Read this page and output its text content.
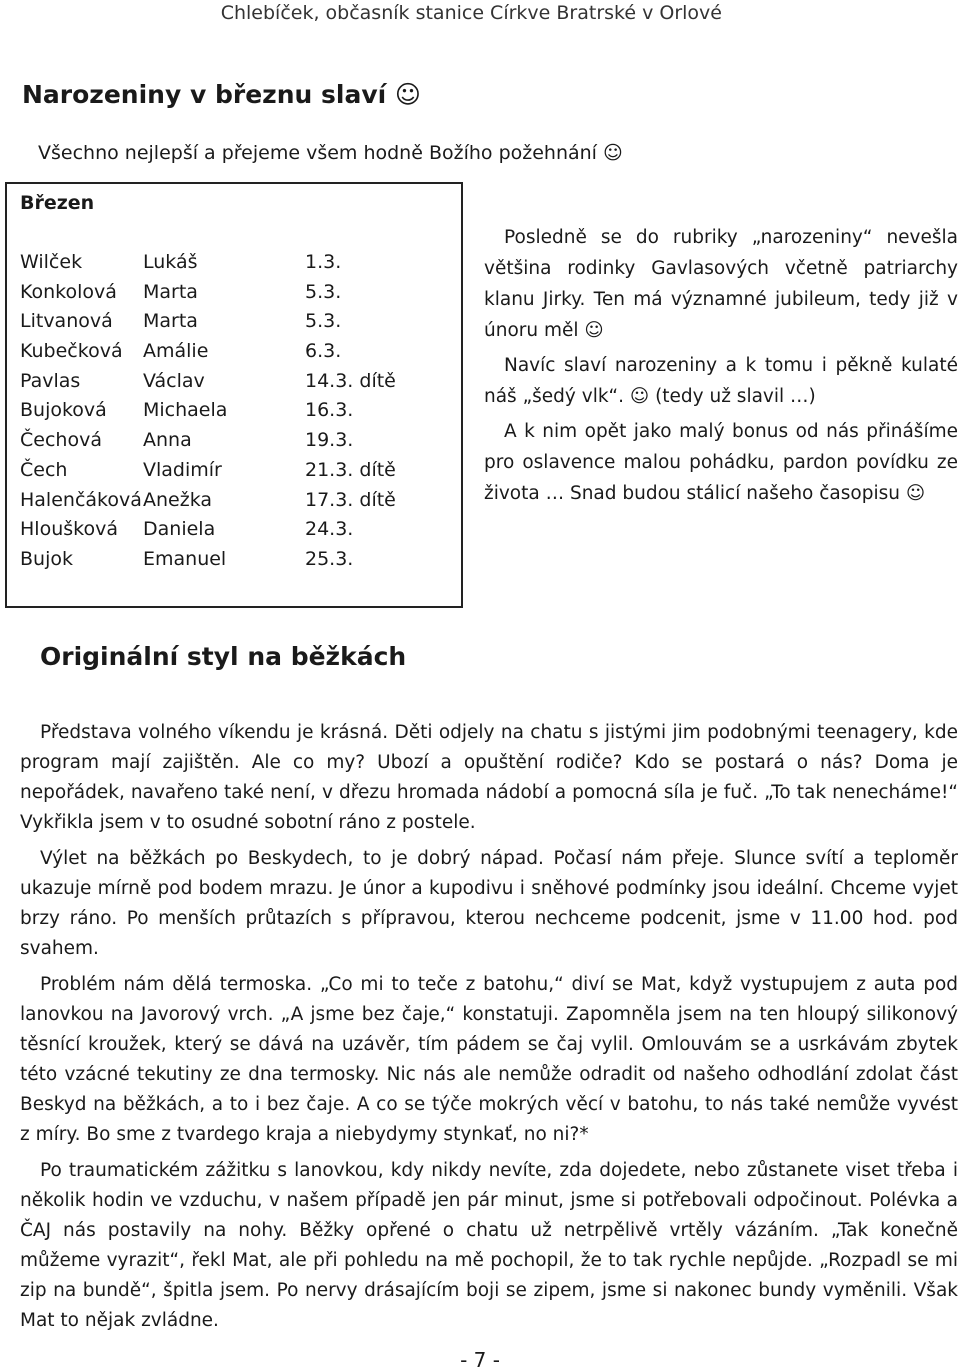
Chlebíček, občasník stanice Církve Bratrské v Orlové
Narozeniny v březnu slaví ☺
Všechno nejlepší a přejeme všem hodně Božího požehnání ☺
Březen
Wilček	Lukáš	1.3.
Konkolová Marta	5.3.
Litvanová Marta	5.3.
Kubečková Amálie	6.3.
Pavlas	Václav	14.3. dítě
Bujoková Michaela	16.3.
Čechová Anna	19.3.
Čech	Vladimír	21.3. dítě
Halenčáková Anežka	17.3. dítě
Hloušková Daniela	24.3.
Bujok	Emanuel	25.3.

Posledně se do rubriky „narozeniny“ nevešla většina rodinky Gavlasových včetně patriarchy klanu Jirky. Ten má významné jubileum, tedy již v únoru měl ☺

Navíc slaví narozeniny a k tomu i pěkně kulaté náš „šedý vlk“. ☺ (tedy už slavil …)

A k nim opět jako malý bonus od nás přinášíme pro oslavence malou pohádku, pardon povídku ze života … Snad budou stálicí našeho časopisu ☺

Originální styl na běžkách

Představa volného víkendu je krásná. Děti odjely na chatu s jistými jim podobnými teenagery, kde program mají zajištěn. Ale co my? Ubozí a opuštění rodiče? Kdo se postará o nás? Doma je nepořádek, navařeno také není, v dřezu hromada nádobí a pomocná síla je fuč. „To tak nenecháme!“ Vykřikla jsem v to osudné sobotní ráno z postele.

Výlet na běžkách po Beskydech, to je dobrý nápad. Počasí nám přeje. Slunce svítí a teploměr ukazuje mírně pod bodem mrazu. Je únor a kupodivu i sněhové podmínky jsou ideální. Chceme vyjet brzy ráno. Po menších průtazích s přípravou, kterou nechceme podcenit, jsme v 11.00 hod. pod svahem.

Problém nám dělá termoska. „Co mi to teče z batohu,“ diví se Mat, když vystupujem z auta pod lanovkou na Javorový vrch. „A jsme bez čaje,“ konstatuji. Zapomněla jsem na ten hloupý silikonový těsnící kroužek, který se dává na uzávěr, tím pádem se čaj vylil. Omlouvám se a usrkávám zbytek této vzácné tekutiny ze dna termosky. Nic nás ale nemůže odradit od našeho odhodlání zdolat část Beskyd na běžkách, a to i bez čaje. A co se týče mokrých věcí v batohu, to nás také nemůže vyvést z míry. Bo sme z tvardego kraja a niebydymy stynkať, no ni?*

Po traumatickém zážitku s lanovkou, kdy nikdy nevíte, zda dojedete, nebo zůstanete viset třeba i několik hodin ve vzduchu, v našem případě jen pár minut, jsme si potřebovali odpočinout. Polévka a ČAJ nás postavily na nohy. Běžky opřené o chatu už netrpělivě vrtěly vázáním. „Tak konečně můžeme vyrazit“, řekl Mat, ale při pohledu na mě pochopil, že to tak rychle nepůjde. „Rozpadl se mi zip na bundě“, špitla jsem. Po nervy drásajícím boji se zipem, jsme si nakonec bundy vyměnili. Však Mat to nějak zvládne.

- 7 -
